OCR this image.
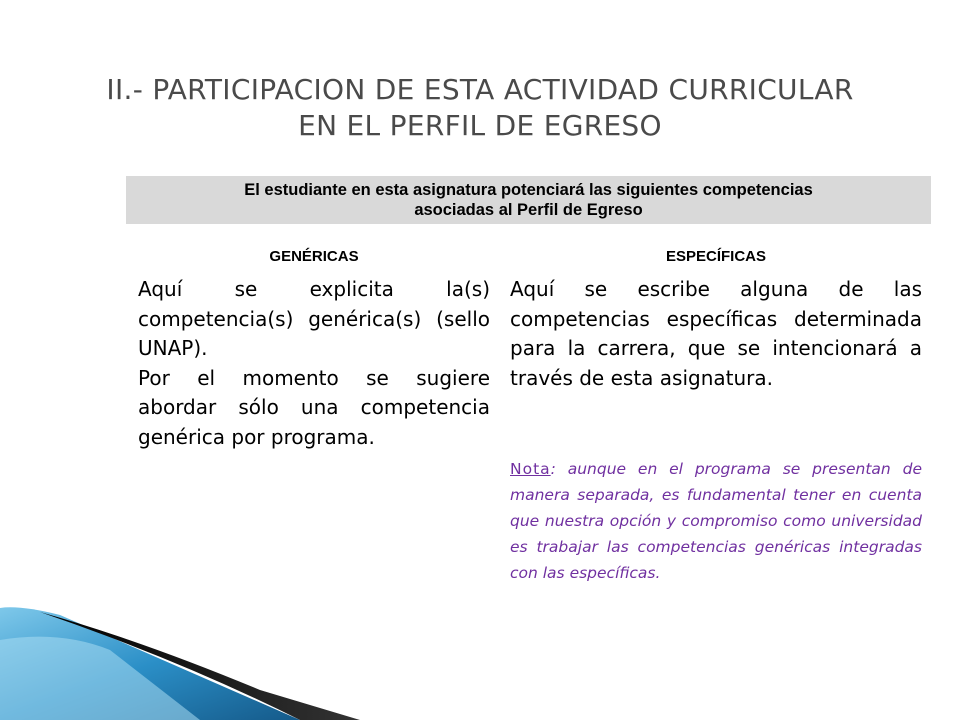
II.- PARTICIPACION DE ESTA ACTIVIDAD CURRICULAR
EN EL PERFIL DE EGRESO
El estudiante en esta asignatura potenciará las siguientes competencias
asociadas al Perfil de Egreso
GENÉRICAS	ESPECÍFICAS

Aquí se explicita la(s) competencia(s) genérica(s) (sello UNAP).

Por el momento se sugiere abordar sólo una competencia genérica por programa.

Aquí se escribe alguna de las competencias específicas determinada para la carrera, que se intencionará a través de esta asignatura.

Nota: aunque en el programa se presentan de manera separada, es fundamental tener en cuenta que nuestra opción y compromiso como universidad es trabajar las competencias genéricas integradas con las específicas.
